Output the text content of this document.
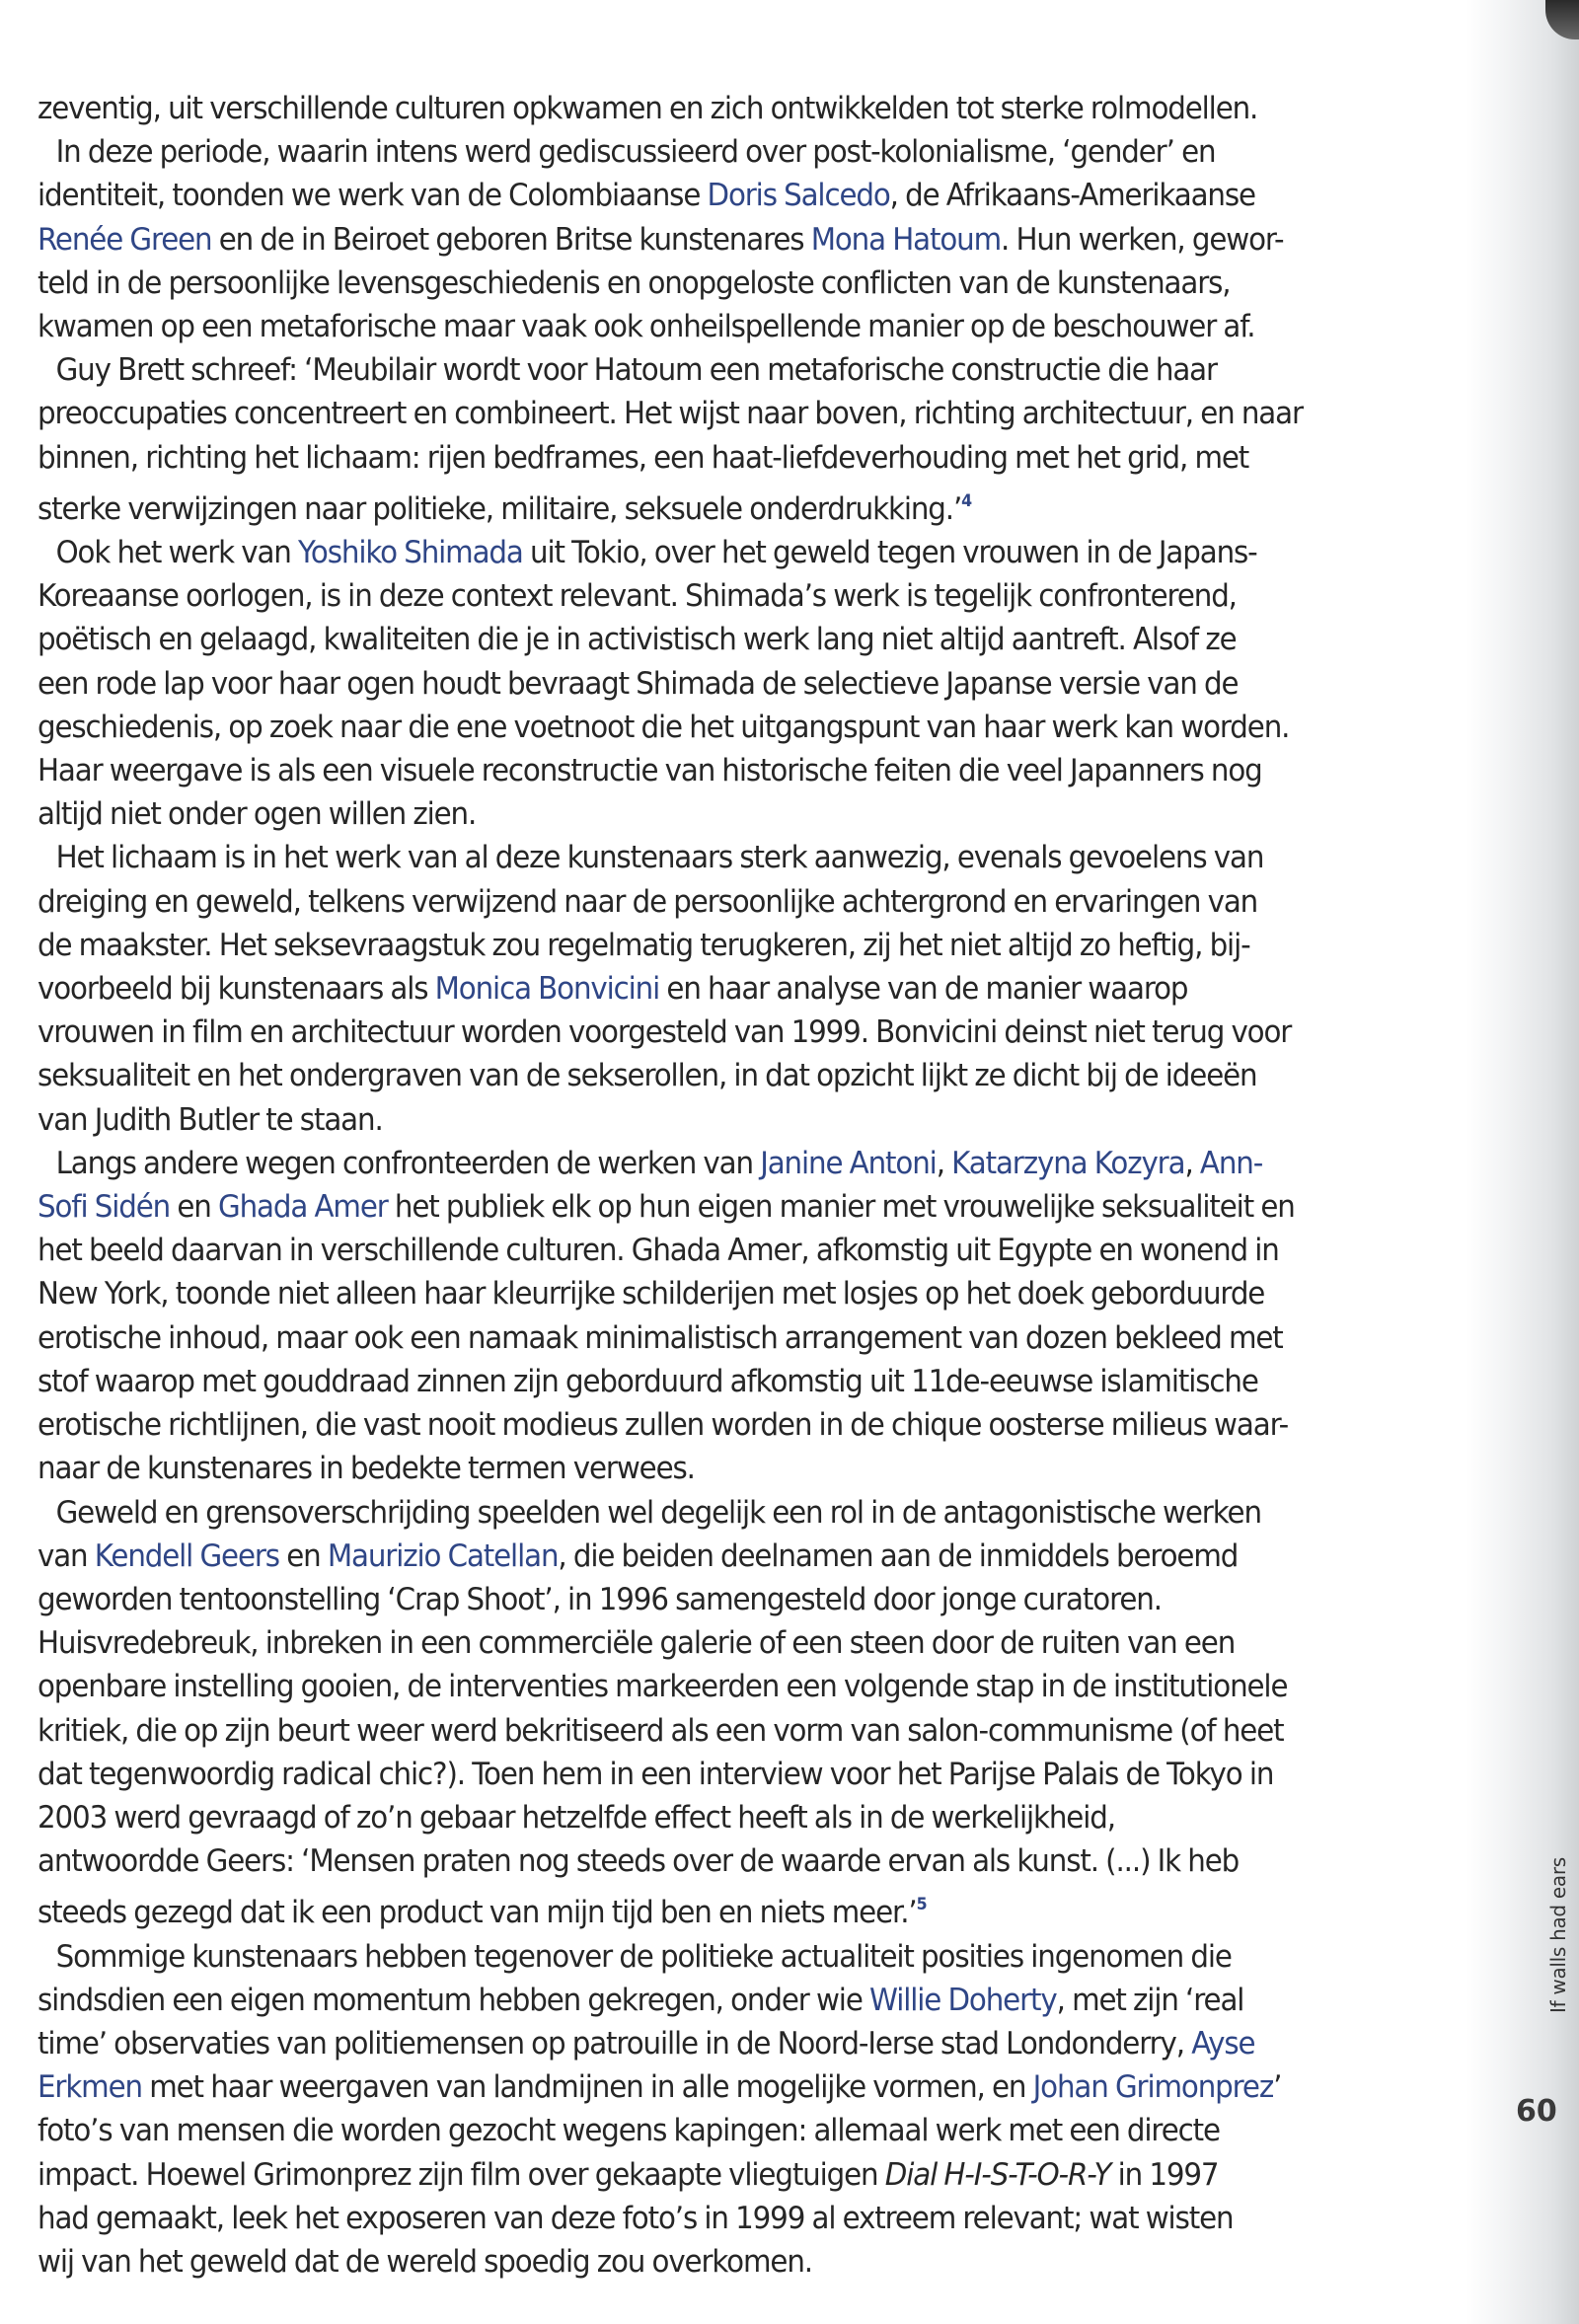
zeventig, uit verschillende culturen opkwamen en zich ontwikkelden tot sterke rolmodellen.
In deze periode, waarin intens werd gediscussieerd over post-kolonialisme, ‘gender’ en
identiteit, toonden we werk van de Colombiaanse Doris Salcedo, de Afrikaans-Amerikaanse
Renée Green en de in Beiroet geboren Britse kunstenares Mona Hatoum. Hun werken, gewor-
teld in de persoonlijke levensgeschiedenis en onopgeloste conflicten van de kunstenaars,
kwamen op een metaforische maar vaak ook onheilspellende manier op de beschouwer af.
Guy Brett schreef: ‘Meubilair wordt voor Hatoum een metaforische constructie die haar
preoccupaties concentreert en combineert. Het wijst naar boven, richting architectuur, en naar
binnen, richting het lichaam: rijen bedframes, een haat-liefdeverhouding met het grid, met
sterke verwijzingen naar politieke, militaire, seksuele onderdrukking.’$^4$
Ook het werk van Yoshiko Shimada uit Tokio, over het geweld tegen vrouwen in de Japans-
Koreaanse oorlogen, is in deze context relevant. Shimada’s werk is tegelijk confronterend,
poëtisch en gelaagd, kwaliteiten die je in activistisch werk lang niet altijd aantreft. Alsof ze
een rode lap voor haar ogen houdt bevraagt Shimada de selectieve Japanse versie van de
geschiedenis, op zoek naar die ene voetnoot die het uitgangspunt van haar werk kan worden.
Haar weergave is als een visuele reconstructie van historische feiten die veel Japanners nog
altijd niet onder ogen willen zien.
Het lichaam is in het werk van al deze kunstenaars sterk aanwezig, evenals gevoelens van
dreiging en geweld, telkens verwijzend naar de persoonlijke achtergrond en ervaringen van
de maakster. Het seksevraagstuk zou regelmatig terugkeren, zij het niet altijd zo heftig, bij-
voorbeeld bij kunstenaars als Monica Bonvicini en haar analyse van de manier waarop
vrouwen in film en architectuur worden voorgesteld van 1999. Bonvicini deinst niet terug voor
seksualiteit en het ondergraven van de sekserollen, in dat opzicht lijkt ze dicht bij de ideeën
van Judith Butler te staan.
Langs andere wegen confronteerden de werken van Janine Antoni, Katarzyna Kozyra, Ann-
Sofi Sidén en Ghada Amer het publiek elk op hun eigen manier met vrouwelijke seksualiteit en
het beeld daarvan in verschillende culturen. Ghada Amer, afkomstig uit Egypte en wonend in
New York, toonde niet alleen haar kleurrijke schilderijen met losjes op het doek geborduurde
erotische inhoud, maar ook een namaak minimalistisch arrangement van dozen bekleed met
stof waarop met gouddraad zinnen zijn geborduurd afkomstig uit 11de-eeuwse islamitische
erotische richtlijnen, die vast nooit modieus zullen worden in de chique oosterse milieus waar-
naar de kunstenares in bedekte termen verwees.
Geweld en grensoverschrijding speelden wel degelijk een rol in de antagonistische werken
van Kendell Geers en Maurizio Catellan, die beiden deelnamen aan de inmiddels beroemd
geworden tentoonstelling ‘Crap Shoot’, in 1996 samengesteld door jonge curatoren.
Huisvredebreuk, inbreken in een commerciële galerie of een steen door de ruiten van een
openbare instelling gooien, de interventies markeerden een volgende stap in de institutionele
kritiek, die op zijn beurt weer werd bekritiseerd als een vorm van salon-communisme (of heet
dat tegenwoordig radical chic?). Toen hem in een interview voor het Parijse Palais de Tokyo in
2003 werd gevraagd of zo’n gebaar hetzelfde effect heeft als in de werkelijkheid,
antwoordde Geers: ‘Mensen praten nog steeds over de waarde ervan als kunst. (...) Ik heb
steeds gezegd dat ik een product van mijn tijd ben en niets meer.’$^5$
Sommige kunstenaars hebben tegenover de politieke actualiteit posities ingenomen die
sindsdien een eigen momentum hebben gekregen, onder wie Willie Doherty, met zijn ‘real
time’ observaties van politiemensen op patrouille in de Noord-Ierse stad Londonderry, Ayse
Erkmen met haar weergaven van landmijnen in alle mogelijke vormen, en Johan Grimonprez’
foto’s van mensen die worden gezocht wegens kapingen: allemaal werk met een directe
impact. Hoewel Grimonprez zijn film over gekaapte vliegtuigen Dial H-I-S-T-O-R-Y in 1997
had gemaakt, leek het exposeren van deze foto’s in 1999 al extreem relevant; wat wisten
wij van het geweld dat de wereld spoedig zou overkomen.
If walls had ears
60
